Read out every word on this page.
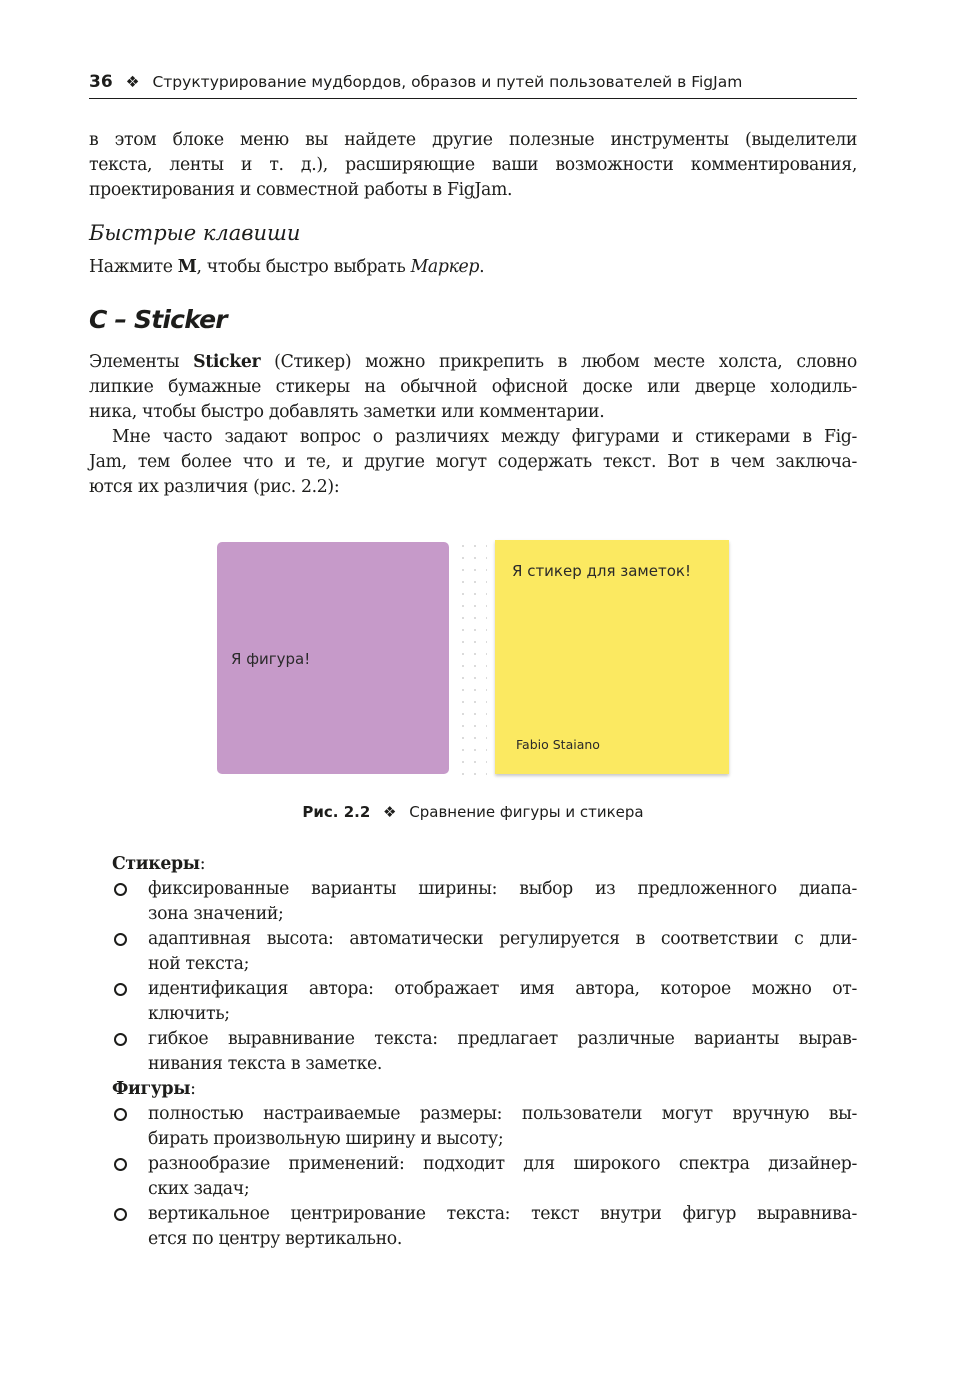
36 ❖ Структурирование мудбордов, образов и путей пользователей в FigJam
в этом блоке меню вы найдете другие полезные инструменты (выделители
текста, ленты и т. д.), расширяющие ваши возможности комментирования,
проектирования и совместной работы в FigJam.
Быстрые клавиши
Нажмите M, чтобы быстро выбрать Маркер.
C – Sticker
Элементы Sticker (Стикер) можно прикрепить в любом месте холста, словно
липкие бумажные стикеры на обычной офисной доске или дверце холодиль-
ника, чтобы быстро добавлять заметки или комментарии.
Мне часто задают вопрос о различиях между фигурами и стикерами в Fig-
Jam, тем более что и те, и другие могут содержать текст. Вот в чем заключа-
ются их различия (рис. 2.2):
Я фигура!
Я стикер для заметок!
Fabio Staiano
Рис. 2.2 ❖ Сравнение фигуры и стикера
Стикеры:
фиксированные варианты ширины: выбор из предложенного диапа-
зона значений;
адаптивная высота: автоматически регулируется в соответствии с дли-
ной текста;
идентификация автора: отображает имя автора, которое можно от-
ключить;
гибкое выравнивание текста: предлагает различные варианты вырав-
нивания текста в заметке.
Фигуры:
полностью настраиваемые размеры: пользователи могут вручную вы-
бирать произвольную ширину и высоту;
разнообразие применений: подходит для широкого спектра дизайнер-
ских задач;
вертикальное центрирование текста: текст внутри фигур выравнива-
ется по центру вертикально.
